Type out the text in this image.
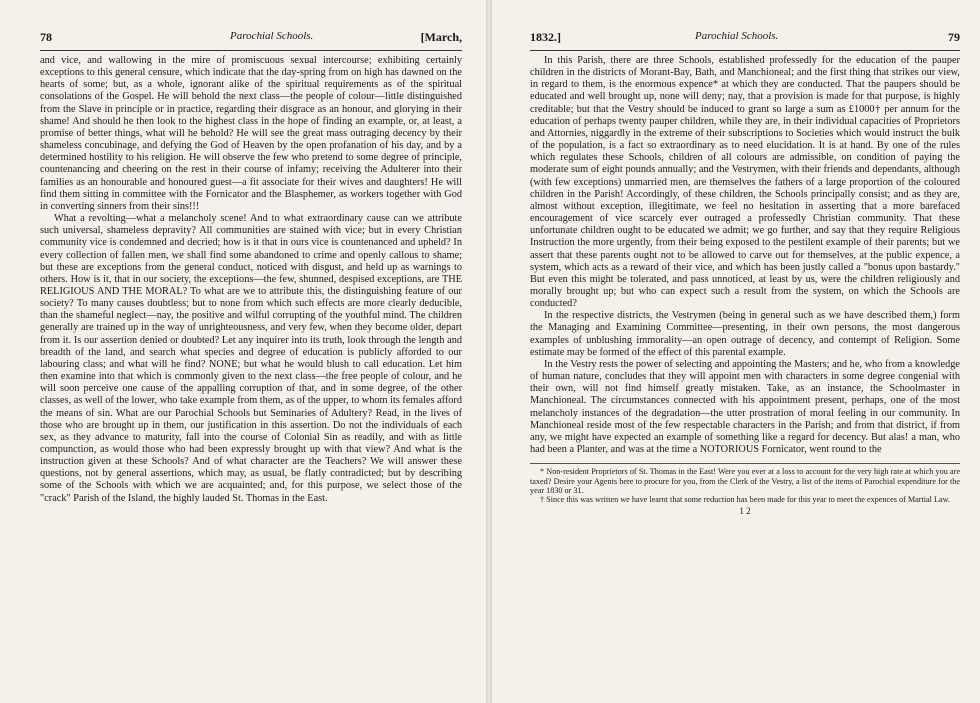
78	Parochial Schools.	[March,

and vice, and wallowing in the mire of promiscuous sexual intercourse; exhibiting certainly exceptions to this general censure, which indicate that the day-spring from on high has dawned on the hearts of some; but, as a whole, ignorant alike of the spiritual requirements as of the spiritual consolations of the Gospel. He will behold the next class—the people of colour—little distinguished from the Slave in principle or in practice, regarding their disgrace as an honour, and glorying in their shame! And should he then look to the highest class in the hope of finding an example, or, at least, a promise of better things, what will he behold? He will see the great mass outraging decency by their shameless concubinage, and defying the God of Heaven by the open profanation of his day, and by a determined hostility to his religion. He will observe the few who pretend to some degree of principle, countenancing and cheering on the rest in their course of infamy; receiving the Adulterer into their families as an honourable and honoured guest—a fit associate for their wives and daughters! He will find them sitting in committee with the Fornicator and the Blasphemer, as workers together with God in converting sinners from their sins!!!

What a revolting—what a melancholy scene! And to what extraordinary cause can we attribute such universal, shameless depravity? All communities are stained with vice; but in every Christian community vice is condemned and decried; how is it that in ours vice is countenanced and upheld? In every collection of fallen men, we shall find some abandoned to crime and openly callous to shame; but these are exceptions from the general conduct, noticed with disgust, and held up as warnings to others. How is it, that in our society, the exceptions—the few, shunned, despised exceptions, are THE RELIGIOUS AND THE MORAL? To what are we to attribute this, the distinguishing feature of our society? To many causes doubtless; but to none from which such effects are more clearly deducible, than the shameful neglect—nay, the positive and wilful corrupting of the youthful mind. The children generally are trained up in the way of unrighteousness, and very few, when they become older, depart from it. Is our assertion denied or doubted? Let any inquirer into its truth, look through the length and breadth of the land, and search what species and degree of education is publicly afforded to our labouring class; and what will he find? NONE; but what he would blush to call education. Let him then examine into that which is commonly given to the next class—the free people of colour, and he will soon perceive one cause of the appalling corruption of that, and in some degree, of the other classes, as well of the lower, who take example from them, as of the upper, to whom its females afford the means of sin. What are our Parochial Schools but Seminaries of Adultery? Read, in the lives of those who are brought up in them, our justification in this assertion. Do not the individuals of each sex, as they advance to maturity, fall into the course of Colonial Sin as readily, and with as little compunction, as would those who had been expressly brought up with that view? And what is the instruction given at these Schools? And of what character are the Teachers? We will answer these questions, not by general assertions, which may, as usual, be flatly contradicted; but by describing some of the Schools with which we are acquainted; and, for this purpose, we select those of the "crack" Parish of the Island, the highly lauded St. Thomas in the East.

1832.]	Parochial Schools.	79

In this Parish, there are three Schools, established professedly for the education of the pauper children in the districts of Morant-Bay, Bath, and Manchioneal; and the first thing that strikes our view, in regard to them, is the enormous expence* at which they are conducted. That the paupers should be educated and well brought up, none will deny; nay, that a provision is made for that purpose, is highly creditable; but that the Vestry should be induced to grant so large a sum as £1000† per annum for the education of perhaps twenty pauper children, while they are, in their individual capacities of Proprietors and Attornies, niggardly in the extreme of their subscriptions to Societies which would instruct the bulk of the population, is a fact so extraordinary as to need elucidation. It is at hand. By one of the rules which regulates these Schools, children of all colours are admissible, on condition of paying the moderate sum of eight pounds annually; and the Vestrymen, with their friends and dependants, although (with few exceptions) unmarried men, are themselves the fathers of a large proportion of the coloured children in the Parish! Accordingly, of these children, the Schools principally consist; and as they are, almost without exception, illegitimate, we feel no hesitation in asserting that a more barefaced encouragement of vice scarcely ever outraged a professedly Christian community. That these unfortunate children ought to be educated we admit; we go further, and say that they require Religious Instruction the more urgently, from their being exposed to the pestilent example of their parents; but we assert that these parents ought not to be allowed to carve out for themselves, at the public expence, a system, which acts as a reward of their vice, and which has been justly called a "bonus upon bastardy." But even this might be tolerated, and pass unnoticed, at least by us, were the children religiously and morally brought up; but who can expect such a result from the system, on which the Schools are conducted?

In the respective districts, the Vestrymen (being in general such as we have described them,) form the Managing and Examining Committee—presenting, in their own persons, the most dangerous examples of unblushing immorality—an open outrage of decency, and contempt of Religion. Some estimate may be formed of the effect of this parental example.

In the Vestry rests the power of selecting and appointing the Masters; and he, who from a knowledge of human nature, concludes that they will appoint men with characters in some degree congenial with their own, will not find himself greatly mistaken. Take, as an instance, the Schoolmaster in Manchioneal. The circumstances connected with his appointment present, perhaps, one of the most melancholy instances of the degradation—the utter prostration of moral feeling in our community. In Manchioneal reside most of the few respectable characters in the Parish; and from that district, if from any, we might have expected an example of something like a regard for decency. But alas! a man, who had been a Planter, and was at the time a NOTORIOUS Fornicator, went round to the

* Non-resident Proprietors of St. Thomas in the East! Were you ever at a loss to account for the very high rate at which you are taxed? Desire your Agents here to procure for you, from the Clerk of the Vestry, a list of the items of Parochial expenditure for the year 1830 or 31.

† Since this was written we have learnt that some reduction has been made for this year to meet the expences of Martial Law.

1 2
